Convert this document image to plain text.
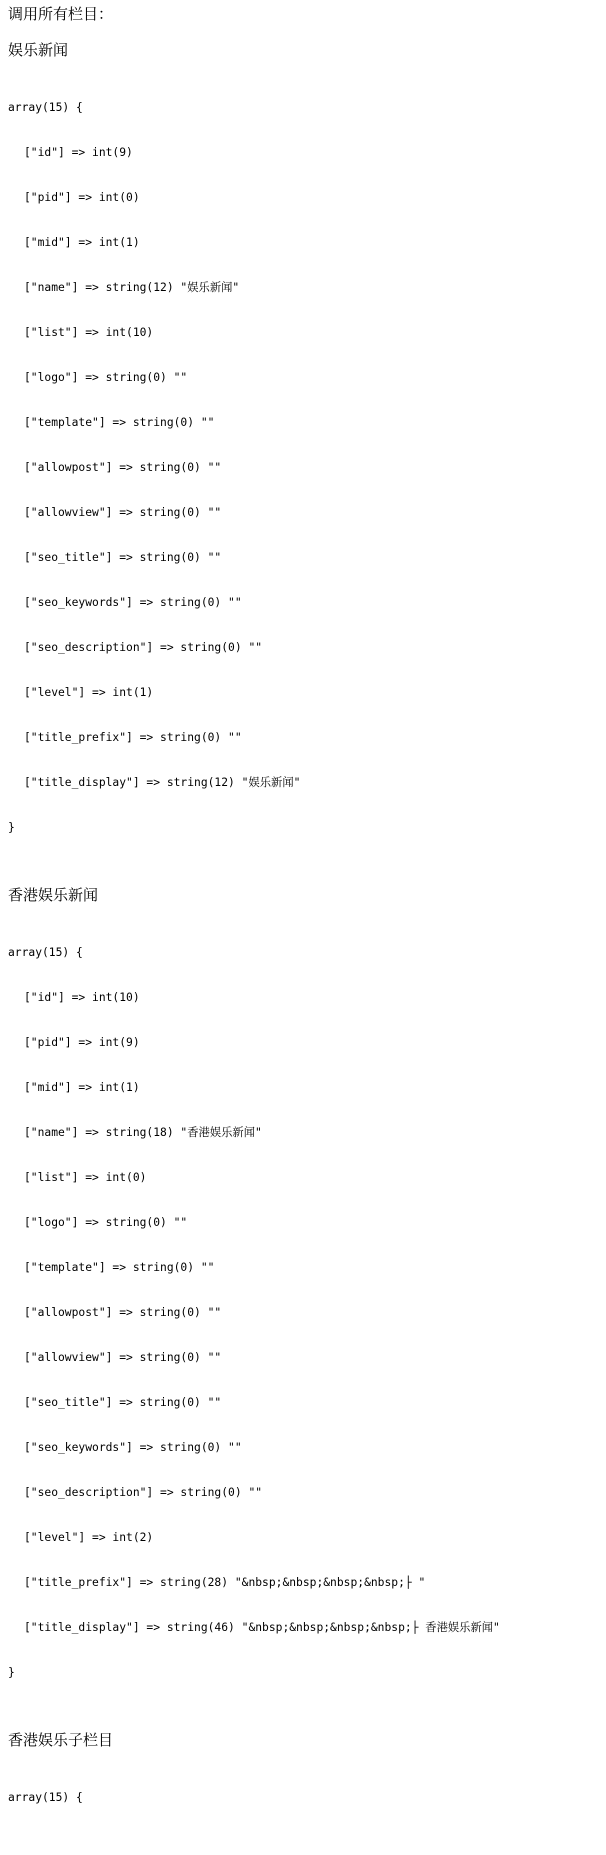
调用所有栏目：
娱乐新闻

array(15) {

["id"] => int(9)

["pid"] => int(0)

["mid"] => int(1)

["name"] => string(12) "娱乐新闻"

["list"] => int(10)

["logo"] => string(0) ""

["template"] => string(0) ""

["allowpost"] => string(0) ""

["allowview"] => string(0) ""

["seo_title"] => string(0) ""

["seo_keywords"] => string(0) ""

["seo_description"] => string(0) ""

["level"] => int(1)

["title_prefix"] => string(0) ""

["title_display"] => string(12) "娱乐新闻"

}

香港娱乐新闻

array(15) {

["id"] => int(10)

["pid"] => int(9)

["mid"] => int(1)

["name"] => string(18) "香港娱乐新闻"

["list"] => int(0)

["logo"] => string(0) ""

["template"] => string(0) ""

["allowpost"] => string(0) ""

["allowview"] => string(0) ""

["seo_title"] => string(0) ""

["seo_keywords"] => string(0) ""

["seo_description"] => string(0) ""

["level"] => int(2)

["title_prefix"] => string(28) "&nbsp;&nbsp;&nbsp;&nbsp;├ "

["title_display"] => string(46) "&nbsp;&nbsp;&nbsp;&nbsp;├ 香港娱乐新闻"

}

香港娱乐子栏目

array(15) {
